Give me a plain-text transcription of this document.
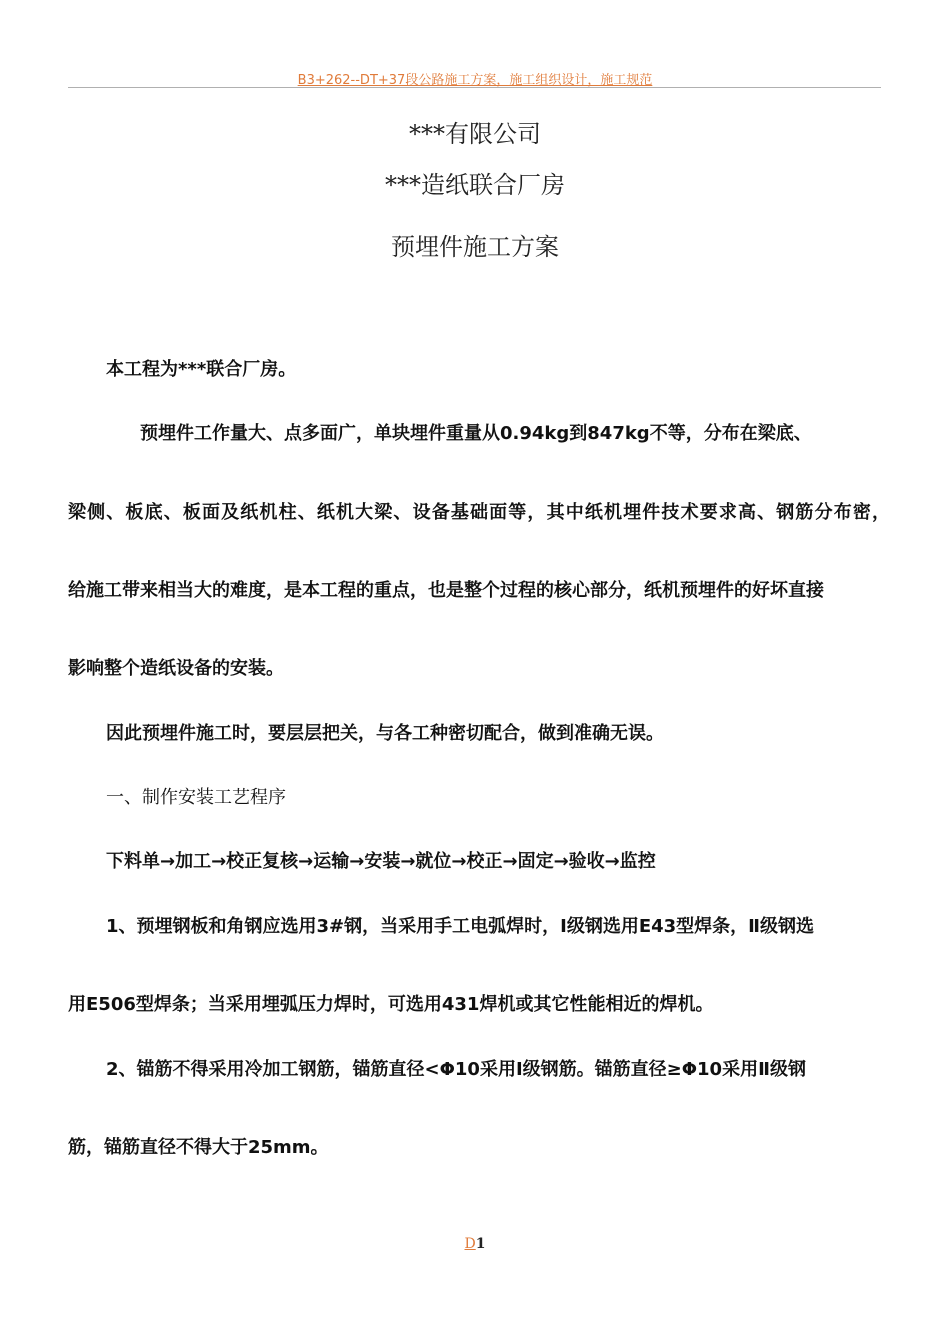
B3+262--DT+37段公路施工方案，施工组织设计，施工规范
***有限公司
***造纸联合厂房
预埋件施工方案
本工程为***联合厂房。
预埋件工作量大、点多面广，单块埋件重量从0.94kg到847kg不等，分布在梁底、
梁侧、板底、板面及纸机柱、纸机大梁、设备基础面等，其中纸机埋件技术要求高、钢筋分布密，
给施工带来相当大的难度，是本工程的重点，也是整个过程的核心部分，纸机预埋件的好坏直接
影响整个造纸设备的安装。
因此预埋件施工时，要层层把关，与各工种密切配合，做到准确无误。
一、制作安装工艺程序
下料单→加工→校正复核→运输→安装→就位→校正→固定→验收→监控
1、预埋钢板和角钢应选用3#钢，当采用手工电弧焊时，Ⅰ级钢选用E43型焊条，Ⅱ级钢选
用E506型焊条；当采用埋弧压力焊时，可选用431焊机或其它性能相近的焊机。
2、锚筋不得采用冷加工钢筋，锚筋直径<Φ10采用Ⅰ级钢筋。锚筋直径≥Φ10采用Ⅱ级钢
筋，锚筋直径不得大于25mm。
D1
